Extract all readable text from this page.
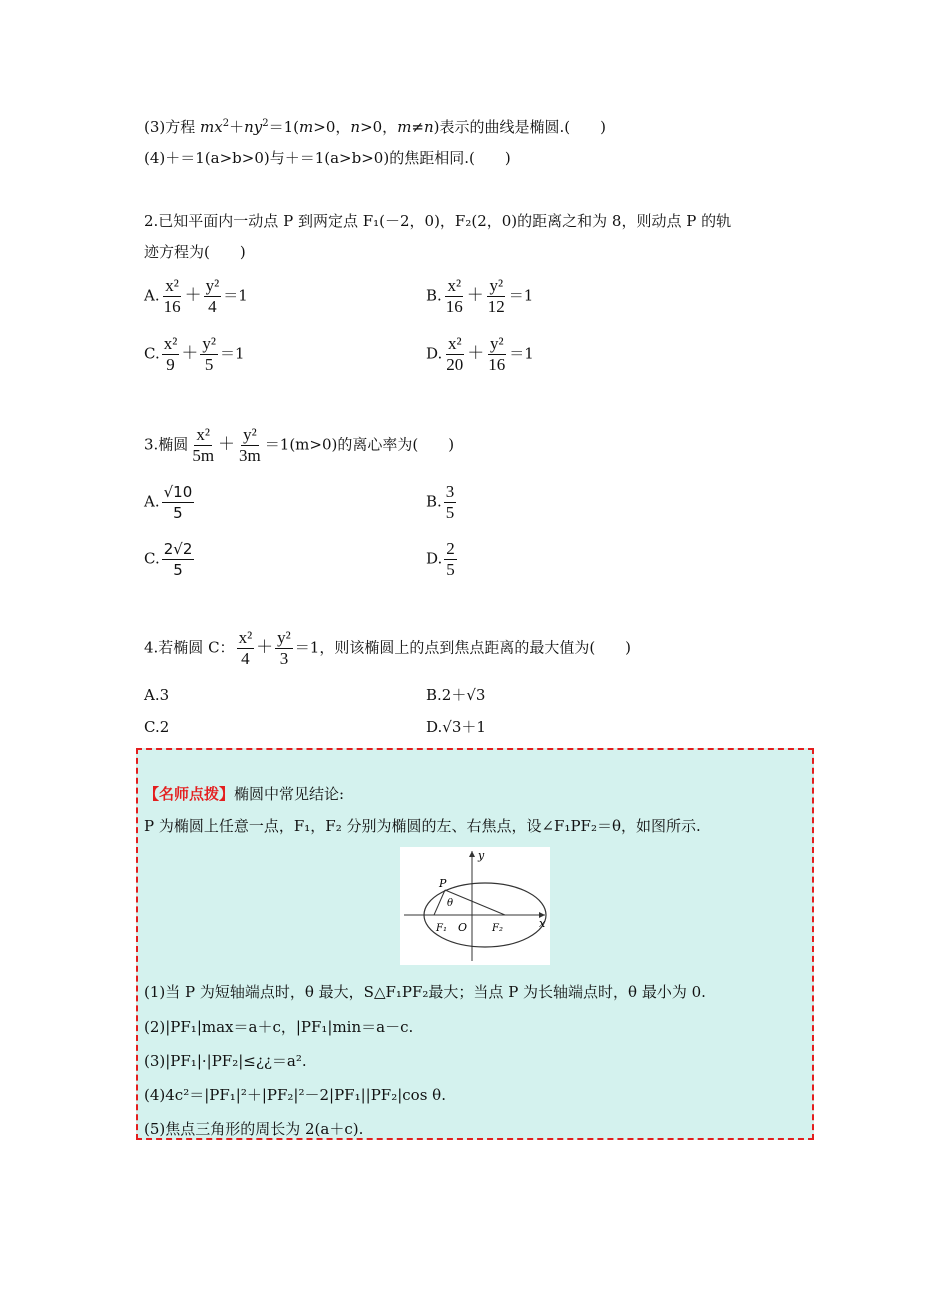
(3)方程 $mx^2+ny^2=1(m>0$，n>0，m≠n)表示的曲线是椭圆.(　　)
(4)＋＝1(a>b>0)与＋＝1(a>b>0)的焦距相同.(　　)
2.已知平面内一动点 P 到两定点 F₁(－2，0)，F₂(2，0)的距离之和为 8，则动点 P 的轨
迹方程为(　　)
A. $\frac{\text{x²}}{16} + \frac{\text{y²}}{4} =1$	B. $\frac{\text{x²}}{16} + \frac{\text{y²}}{12} =1$
C. $\frac{\text{x²}}{9} + \frac{\text{y²}}{5} =1$	D. $\frac{\text{x²}}{20} + \frac{\text{y²}}{16} =1$
3.椭圆 $\frac{\text{x²}}{5m} + \frac{\text{y²}}{3m} =1(m>0)$的离心率为(　　)
A. $\frac{√10}{5}$	B. $\frac{3}{5}$
C. $\frac{2√2}{5}$	D. $\frac{2}{5}$
4.若椭圆 C： $\frac{\text{x²}}{4} + \frac{\text{y²}}{3} =1$，则该椭圆上的点到焦点距离的最大值为(　　)
A.3	B.2＋√3
C.2	D.√3＋1
【名师点拨】椭圆中常见结论:
P 为椭圆上任意一点，F₁，F₂ 分别为椭圆的左、右焦点，设∠F₁PF₂＝θ，如图所示.
y
x
P
θ
F₁ O F₂
(1)当 P 为短轴端点时，θ 最大，S△F₁PF₂最大；当点 P 为长轴端点时，θ 最小为 0.
(2)|PF₁|max＝a＋c，|PF₁|min＝a－c.
(3)|PF₁|·|PF₂|≤¿¿＝a².
(4)4c²＝|PF₁|²＋|PF₂|²－2|PF₁||PF₂|cos θ.
(5)焦点三角形的周长为 2(a＋c).
